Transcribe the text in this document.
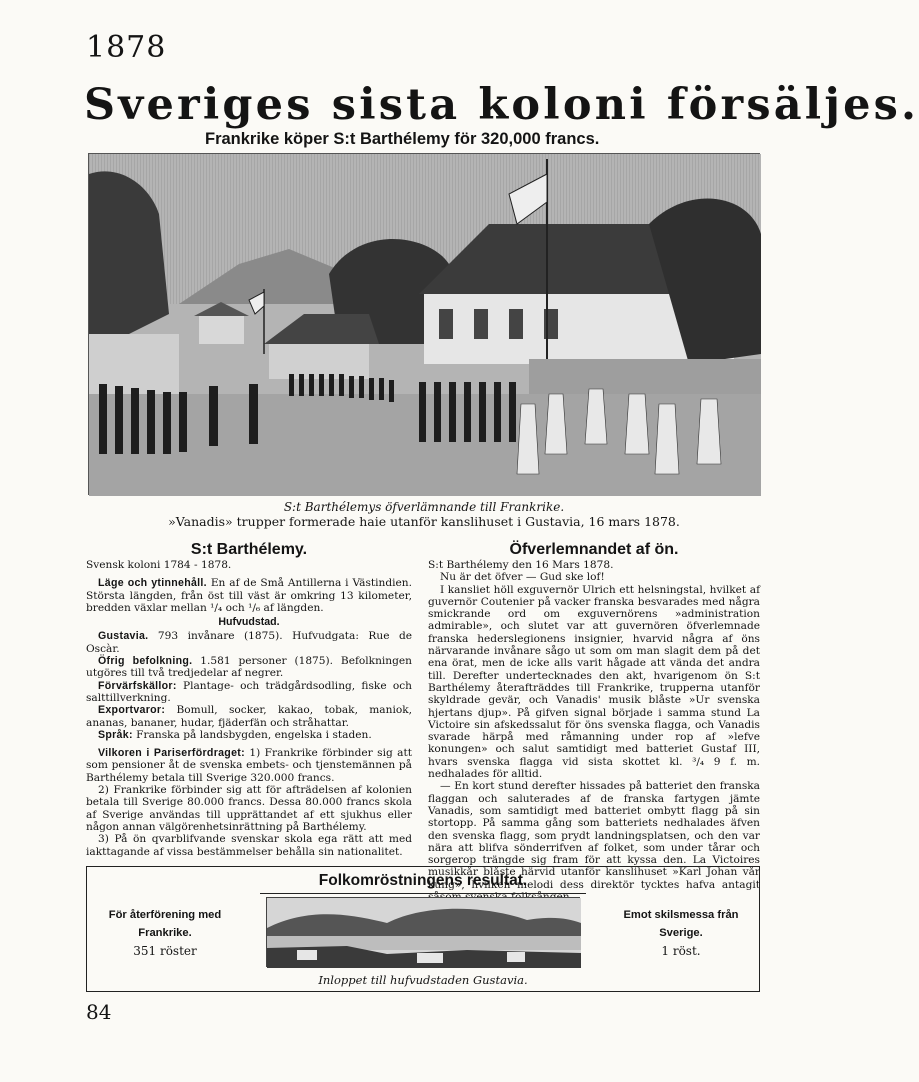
1878
Sveriges sista koloni försäljes.
Frankrike köper S:t Barthélemy för 320,000 francs.
S:t Barthélemys öfverlämnande till Frankrike.
»Vanadis» trupper formerade haie utanför kanslihuset i Gustavia, 16 mars 1878.

S:t Barthélemy.

Svensk koloni 1784 - 1878.

Läge och ytinnehåll. En af de Små Antillerna i Västindien. Största längden, från öst till väst är omkring 13 kilometer, bredden växlar mellan ¹/₄ och ¹/₆ af längden.

Hufvudstad.

Gustavia. 793 invånare (1875). Hufvudgata: Rue de Oscàr.

Öfrig befolkning. 1.581 personer (1875). Befolkningen utgöres till två tredjedelar af negrer.

Förvärfskällor: Plantage- och trädgårdsodling, fiske och salttillverkning.

Exportvaror: Bomull, socker, kakao, tobak, maniok, ananas, bananer, hudar, fjäderfän och stråhattar.

Språk: Franska på landsbygden, engelska i staden.

Vilkoren i Pariserfördraget: 1) Frankrike förbinder sig att som pensioner åt de svenska embets- och tjenstemännen på Barthélemy betala till Sverige 320.000 francs.

2) Frankrike förbinder sig att för afträdelsen af kolonien betala till Sverige 80.000 francs. Dessa 80.000 francs skola af Sverige användas till upprättandet af ett sjukhus eller någon annan välgörenhetsinrättning på Barthélemy.

3) På ön qvarblifvande svenskar skola ega rätt att med iakttagande af vissa bestämmelser behålla sin nationalitet.

Öfverlemnandet af ön.

S:t Barthélemy den 16 Mars 1878.

Nu är det öfver — Gud ske lof!

I kansliet höll exguvernör Ulrich ett helsningstal, hvilket af guvernör Coutenier på vacker franska besvarades med några smickrande ord om exguvernörens »administration admirable», och slutet var att guvernören öfverlemnade franska hederslegionens insignier, hvarvid några af öns närvarande invånare sågo ut som om man slagit dem på det ena örat, men de icke alls varit hågade att vända det andra till. Derefter undertecknades den akt, hvarigenom ön S:t Barthélemy återafträddes till Frankrike, truppernа utanför skyldrade gevär, och Vanadis' musik blåste »Ur svenska hjertans djup». På gifven signal började i samma stund La Victoire sin afskedssalut för öns svenska flagga, och Vanadis svarade härpå med råmanning under rop af »lefve konungen» och salut samtidigt med batteriet Gustaf III, hvars svenska flagga vid sista skottet kl. ³/₄ 9 f. m. nedhalades för alltid.

— En kort stund derefter hissades på batteriet den franska flaggan och saluterades af de franska fartygen jämte Vanadis, som samtidigt med batteriet ombytt flagg på sin stortopp. På samma gång som batteriets nedhalades äfven den svenska flagg, som prydt landningsplatsen, och den var nära att blifva sönderrifven af folket, som under tårar och sorgerop trängde sig fram för att kyssa den. La Victoires musikkår blåste härvid utanför kanslihuset »Karl Johan vår kung», hvilken melodi dess direktör tycktes hafva antagit

Folkomröstningens resultat.
För återförening med
Frankrike.
351 röster
Inloppet till hufvudstaden Gustavia.
Emot skilsmessa från
Sverige.
1 röst.
84
